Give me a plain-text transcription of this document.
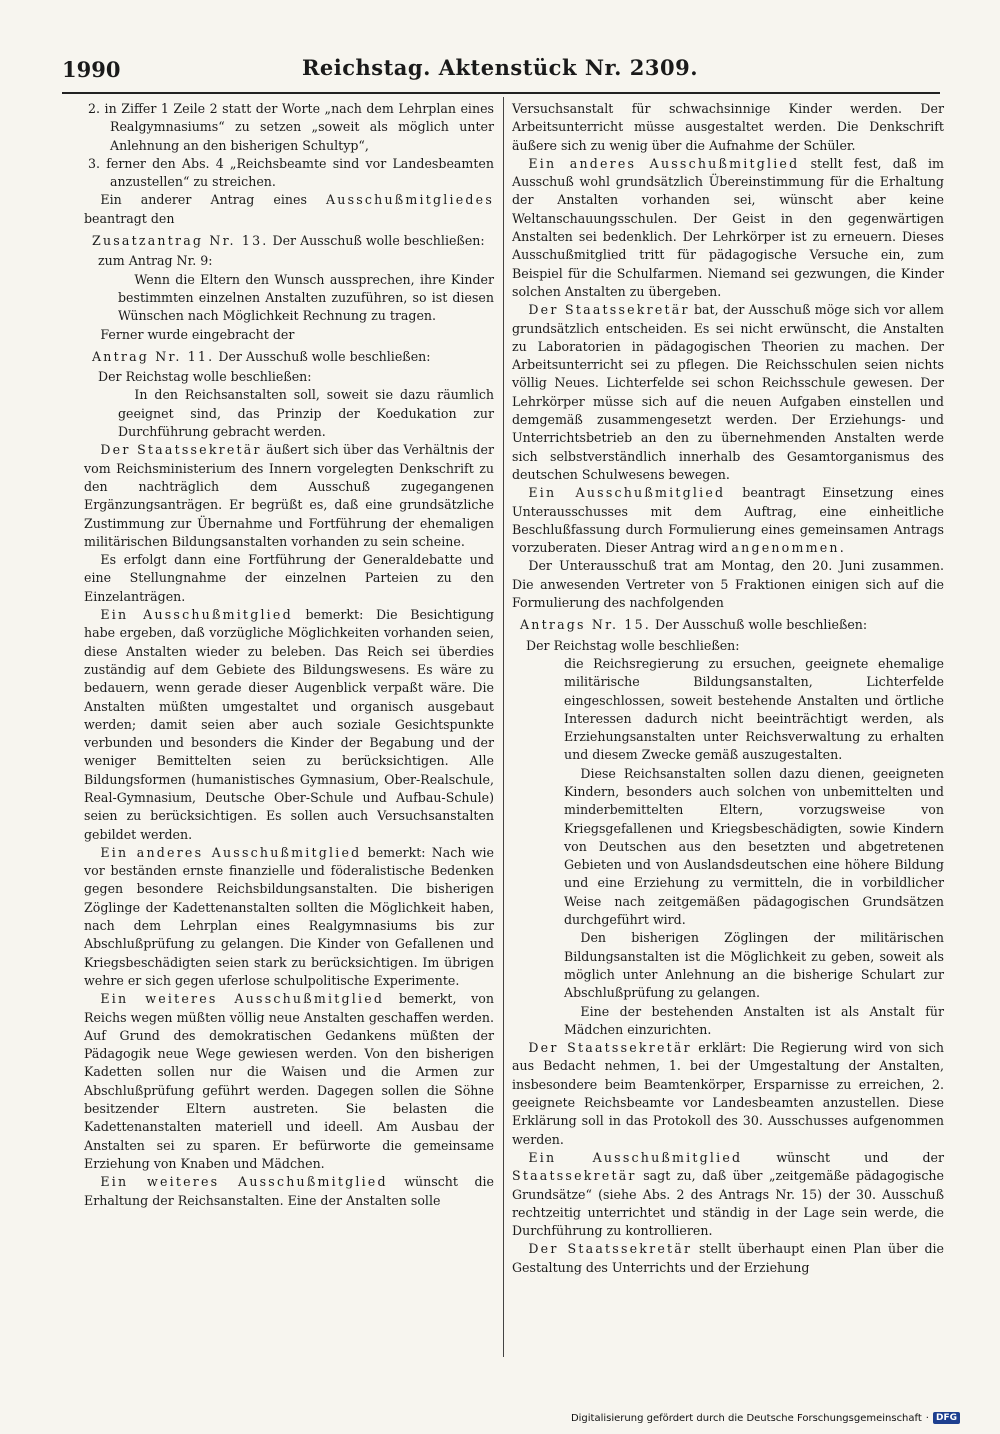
1990	Reichstag. Aktenstück Nr. 2309.
2. in Ziffer 1 Zeile 2 statt der Worte „nach dem Lehrplan eines Realgymnasiums“ zu setzen „soweit als möglich unter Anlehnung an den bisherigen Schultyp“,
3. ferner den Abs. 4 „Reichsbeamte sind vor Landesbeamten anzustellen“ zu streichen.

Ein anderer Antrag eines Ausschußmitgliedes beantragt den

Zusatzantrag Nr. 13. Der Ausschuß wolle beschließen:
zum Antrag Nr. 9:
Wenn die Eltern den Wunsch aussprechen, ihre Kinder bestimmten einzelnen Anstalten zuzuführen, so ist diesen Wünschen nach Möglichkeit Rechnung zu tragen.

Ferner wurde eingebracht der

Antrag Nr. 11. Der Ausschuß wolle beschließen:
Der Reichstag wolle beschließen:
In den Reichsanstalten soll, soweit sie dazu räumlich geeignet sind, das Prinzip der Koedukation zur Durchführung gebracht werden.

Der Staatssekretär äußert sich über das Verhältnis der vom Reichsministerium des Innern vorgelegten Denkschrift zu den nachträglich dem Ausschuß zugegangenen Ergänzungsanträgen. Er begrüßt es, daß eine grundsätzliche Zustimmung zur Übernahme und Fortführung der ehemaligen militärischen Bildungsanstalten vorhanden zu sein scheine.

Es erfolgt dann eine Fortführung der Generaldebatte und eine Stellungnahme der einzelnen Parteien zu den Einzelanträgen.

Ein Ausschußmitglied bemerkt: Die Besichtigung habe ergeben, daß vorzügliche Möglichkeiten vorhanden seien, diese Anstalten wieder zu beleben. Das Reich sei überdies zuständig auf dem Gebiete des Bildungswesens. Es wäre zu bedauern, wenn gerade dieser Augenblick verpaßt wäre. Die Anstalten müßten umgestaltet und organisch ausgebaut werden; damit seien aber auch soziale Gesichtspunkte verbunden und besonders die Kinder der Begabung und der weniger Bemittelten seien zu berücksichtigen. Alle Bildungsformen (humanistisches Gymnasium, Ober-Realschule, Real-Gymnasium, Deutsche Ober-Schule und Aufbau-Schule) seien zu berücksichtigen. Es sollen auch Versuchsanstalten gebildet werden.

Ein anderes Ausschußmitglied bemerkt: Nach wie vor beständen ernste finanzielle und föderalistische Bedenken gegen besondere Reichsbildungsanstalten. Die bisherigen Zöglinge der Kadettenanstalten sollten die Möglichkeit haben, nach dem Lehrplan eines Realgymnasiums bis zur Abschlußprüfung zu gelangen. Die Kinder von Gefallenen und Kriegsbeschädigten seien stark zu berücksichtigen. Im übrigen wehre er sich gegen uferlose schulpolitische Experimente.

Ein weiteres Ausschußmitglied bemerkt, von Reichs wegen müßten völlig neue Anstalten geschaffen werden. Auf Grund des demokratischen Gedankens müßten der Pädagogik neue Wege gewiesen werden. Von den bisherigen Kadetten sollen nur die Waisen und die Armen zur Abschlußprüfung geführt werden. Dagegen sollen die Söhne besitzender Eltern austreten. Sie belasten die Kadettenanstalten materiell und ideell. Am Ausbau der Anstalten sei zu sparen. Er befürworte die gemeinsame Erziehung von Knaben und Mädchen.

Ein weiteres Ausschußmitglied wünscht die Erhaltung der Reichsanstalten. Eine der Anstalten solle

Versuchsanstalt für schwachsinnige Kinder werden. Der Arbeitsunterricht müsse ausgestaltet werden. Die Denkschrift äußere sich zu wenig über die Aufnahme der Schüler.

Ein anderes Ausschußmitglied stellt fest, daß im Ausschuß wohl grundsätzlich Übereinstimmung für die Erhaltung der Anstalten vorhanden sei, wünscht aber keine Weltanschauungsschulen. Der Geist in den gegenwärtigen Anstalten sei bedenklich. Der Lehrkörper ist zu erneuern. Dieses Ausschußmitglied tritt für pädagogische Versuche ein, zum Beispiel für die Schulfarmen. Niemand sei gezwungen, die Kinder solchen Anstalten zu übergeben.

Der Staatssekretär bat, der Ausschuß möge sich vor allem grundsätzlich entscheiden. Es sei nicht erwünscht, die Anstalten zu Laboratorien in pädagogischen Theorien zu machen. Der Arbeitsunterricht sei zu pflegen. Die Reichsschulen seien nichts völlig Neues. Lichterfelde sei schon Reichsschule gewesen. Der Lehrkörper müsse sich auf die neuen Aufgaben einstellen und demgemäß zusammengesetzt werden. Der Erziehungs- und Unterrichtsbetrieb an den zu übernehmenden Anstalten werde sich selbstverständlich innerhalb des Gesamtorganismus des deutschen Schulwesens bewegen.

Ein Ausschußmitglied beantragt Einsetzung eines Unterausschusses mit dem Auftrag, eine einheitliche Beschlußfassung durch Formulierung eines gemeinsamen Antrags vorzuberaten. Dieser Antrag wird angenommen.

Der Unterausschuß trat am Montag, den 20. Juni zusammen. Die anwesenden Vertreter von 5 Fraktionen einigen sich auf die Formulierung des nachfolgenden

Antrags Nr. 15. Der Ausschuß wolle beschließen:
Der Reichstag wolle beschließen:
die Reichsregierung zu ersuchen, geeignete ehemalige militärische Bildungsanstalten, Lichterfelde eingeschlossen, soweit bestehende Anstalten und örtliche Interessen dadurch nicht beeinträchtigt werden, als Erziehungsanstalten unter Reichsverwaltung zu erhalten und diesem Zwecke gemäß auszugestalten.
Diese Reichsanstalten sollen dazu dienen, geeigneten Kindern, besonders auch solchen von unbemittelten und minderbemittelten Eltern, vorzugsweise von Kriegsgefallenen und Kriegsbeschädigten, sowie Kindern von Deutschen aus den besetzten und abgetretenen Gebieten und von Auslandsdeutschen eine höhere Bildung und eine Erziehung zu vermitteln, die in vorbildlicher Weise nach zeitgemäßen pädagogischen Grundsätzen durchgeführt wird.
Den bisherigen Zöglingen der militärischen Bildungsanstalten ist die Möglichkeit zu geben, soweit als möglich unter Anlehnung an die bisherige Schulart zur Abschlußprüfung zu gelangen.
Eine der bestehenden Anstalten ist als Anstalt für Mädchen einzurichten.

Der Staatssekretär erklärt: Die Regierung wird von sich aus Bedacht nehmen, 1. bei der Umgestaltung der Anstalten, insbesondere beim Beamtenkörper, Ersparnisse zu erreichen, 2. geeignete Reichsbeamte vor Landesbeamten anzustellen. Diese Erklärung soll in das Protokoll des 30. Ausschusses aufgenommen werden.

Ein Ausschußmitglied wünscht und der Staatssekretär sagt zu, daß über „zeitgemäße pädagogische Grundsätze“ (siehe Abs. 2 des Antrags Nr. 15) der 30. Ausschuß rechtzeitig unterrichtet und ständig in der Lage sein werde, die Durchführung zu kontrollieren.

Der Staatssekretär stellt überhaupt einen Plan über die Gestaltung des Unterrichts und der Erziehung

Digitalisierung gefördert durch die Deutsche Forschungsgemeinschaft · DFG
